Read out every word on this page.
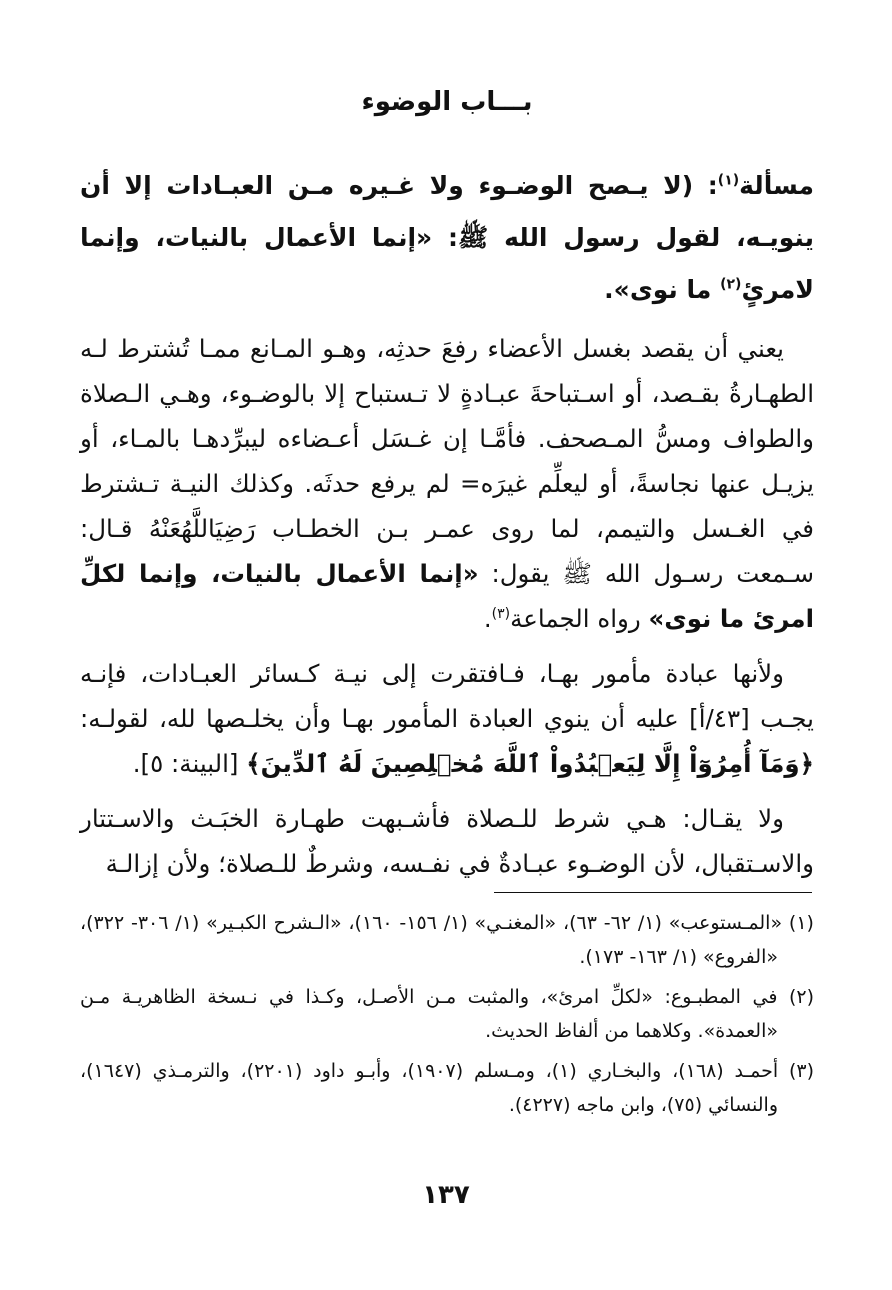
بـــاب الوضوء
مسألة$^{(١)}$: (لا يـصح الوضـوء ولا غـيره مـن العبـادات إلا أن ينويـه، لقول رسول الله ﷺ: «إنما الأعمال بالنيات، وإنما لامرئٍ$^{(٢)}$ ما نوى».
يعني أن يقصد بغسل الأعضاء رفعَ حدثِه، وهـو المـانع ممـا تُشترط لـه الطهـارةُ بقـصد، أو اسـتباحةَ عبـادةٍ لا تـستباح إلا بالوضـوء، وهـي الـصلاة والطواف ومسُّ المـصحف. فأمَّـا إن غـسَل أعـضاءه ليبرِّدهـا بالمـاء، أو يزيـل عنها نجاسةً، أو ليعلِّم غيرَه= لم يرفع حدثَه. وكذلك النيـة تـشترط في الغـسل والتيمم، لما روى عمـر بـن الخطـاب رَضِيَاللَّهُعَنْهُ قـال: سـمعت رسـول الله ﷺ يقول: «إنما الأعمال بالنيات، وإنما لكلِّ امرئ ما نوى» رواه الجماعة$^{(٣)}$.
ولأنها عبادة مأمور بهـا، فـافتقرت إلى نيـة كـسائر العبـادات، فإنـه يجـب [٤٣/أ] عليه أن ينوي العبادة المأمور بهـا وأن يخلـصها لله، لقولـه: ﴿وَمَآ أُمِرُوٓاْ إِلَّا لِيَعۡبُدُواْ ٱللَّهَ مُخۡلِصِينَ لَهُ ٱلدِّينَ﴾ [البينة: ٥].
ولا يقـال: هـي شرط للـصلاة فأشـبهت طهـارة الخبَـث والاسـتتار والاسـتقبال، لأن الوضـوء عبـادةٌ في نفـسه، وشرطٌ للـصلاة؛ ولأن إزالـة
(١) «المـستوعب» (١/ ٦٢- ٦٣)، «المغنـي» (١/ ١٥٦- ١٦٠)، «الـشرح الكبـير» (١/ ٣٠٦- ٣٢٢)، «الفروع» (١/ ١٦٣- ١٧٣).
(٢) في المطبـوع: «لكلِّ امرئ»، والمثبت مـن الأصـل، وكـذا في نـسخة الظاهريـة مـن «العمدة». وكلاهما من ألفاظ الحديث.
(٣) أحمـد (١٦٨)، والبخـاري (١)، ومـسلم (١٩٠٧)، وأبـو داود (٢٢٠١)، والترمـذي (١٦٤٧)، والنسائي (٧٥)، وابن ماجه (٤٢٢٧).
١٣٧
